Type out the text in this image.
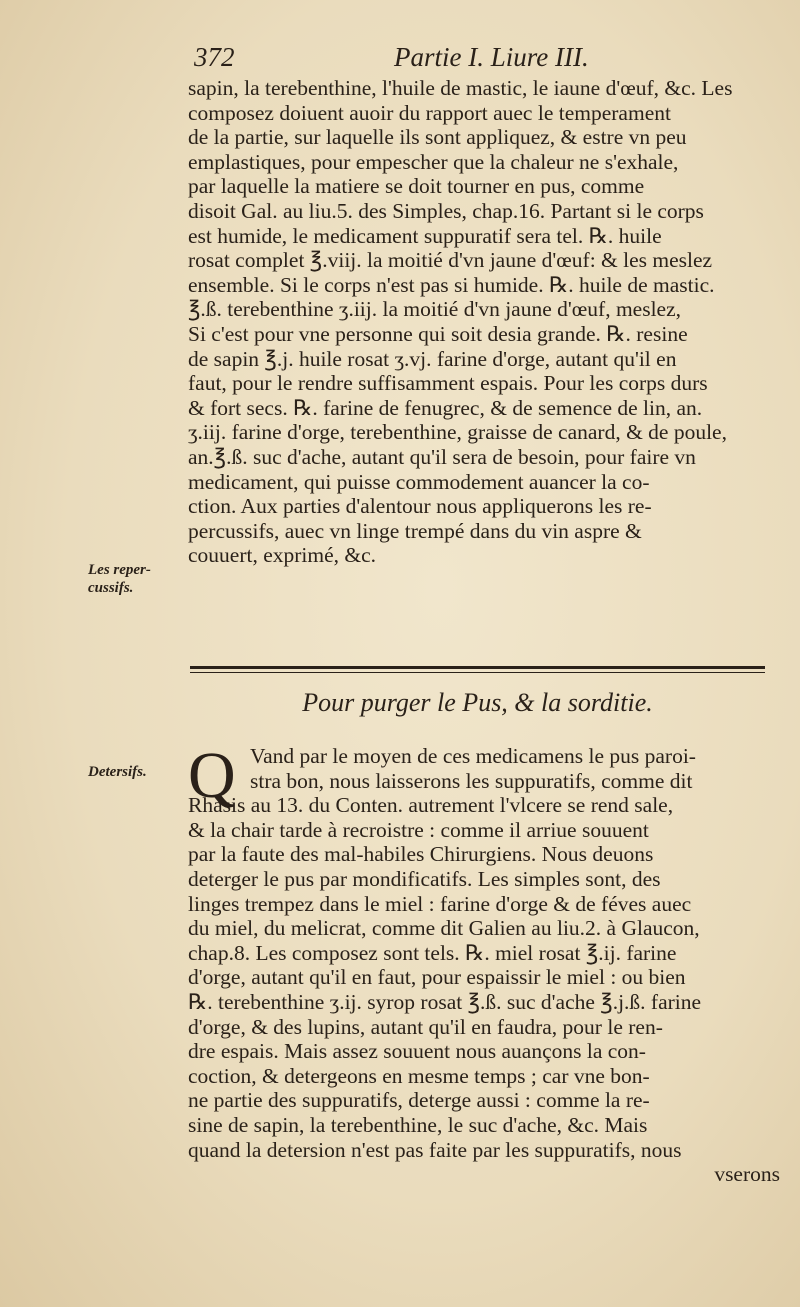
372	Partie I. Liure III.
sapin, la terebenthine, l'huile de mastic, le iaune d'œuf, &c. Les
composez doiuent auoir du rapport auec le temperament
de la partie, sur laquelle ils sont appliquez, & estre vn peu
emplastiques, pour empescher que la chaleur ne s'exhale,
par laquelle la matiere se doit tourner en pus, comme
disoit Gal. au liu.5. des Simples, chap.16. Partant si le corps
est humide, le medicament suppuratif sera tel. ℞. huile
rosat complet ℥.viij. la moitié d'vn jaune d'œuf: & les meslez
ensemble. Si le corps n'est pas si humide. ℞. huile de mastic.
℥.ß. terebenthine ʒ.iij. la moitié d'vn jaune d'œuf, meslez,
Si c'est pour vne personne qui soit desia grande. ℞. resine
de sapin ℥.j. huile rosat ʒ.vj. farine d'orge, autant qu'il en
faut, pour le rendre suffisamment espais. Pour les corps durs
& fort secs. ℞. farine de fenugrec, & de semence de lin, an.
ʒ.iij. farine d'orge, terebenthine, graisse de canard, & de poule,
an.℥.ß. suc d'ache, autant qu'il sera de besoin, pour faire vn
medicament, qui puisse commodement auancer la co-
ction. Aux parties d'alentour nous appliquerons les re-
percussifs, auec vn linge trempé dans du vin aspre &
couuert, exprimé, &c.
Les reper-
cussifs.
Pour purger le Pus, & la sorditie.
Detersifs. Q Vand par le moyen de ces medicamens le pus paroi-
stra bon, nous laisserons les suppuratifs, comme dit
Rhasis au 13. du Conten. autrement l'vlcere se rend sale,
& la chair tarde à recroistre : comme il arriue souuent
par la faute des mal-habiles Chirurgiens. Nous deuons
deterger le pus par mondificatifs. Les simples sont, des
linges trempez dans le miel : farine d'orge & de féves auec
du miel, du melicrat, comme dit Galien au liu.2. à Glaucon,
chap.8. Les composez sont tels. ℞. miel rosat ℥.ij. farine
d'orge, autant qu'il en faut, pour espaissir le miel : ou bien
℞. terebenthine ʒ.ij. syrop rosat ℥.ß. suc d'ache ℥.j.ß. farine
d'orge, & des lupins, autant qu'il en faudra, pour le ren-
dre espais. Mais assez souuent nous auançons la con-
coction, & detergeons en mesme temps ; car vne bon-
ne partie des suppuratifs, deterge aussi : comme la re-
sine de sapin, la terebenthine, le suc d'ache, &c. Mais
quand la detersion n'est pas faite par les suppuratifs, nous
vserons
